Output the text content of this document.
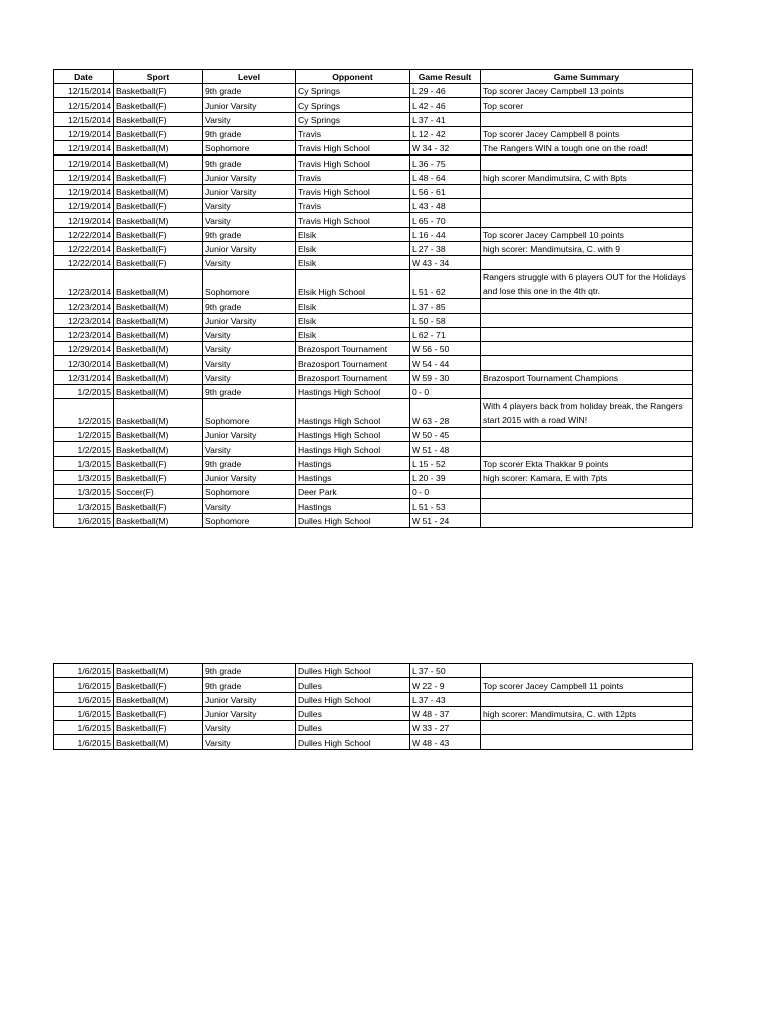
Date	Sport	Level	Opponent	Game Result	Game Summary
12/15/2014	Basketball(F)	9th grade	Cy Springs	L 29 - 46	Top scorer Jacey Campbell 13 points
12/15/2014	Basketball(F)	Junior Varsity	Cy Springs	L 42 - 46	Top scorer
12/15/2014	Basketball(F)	Varsity	Cy Springs	L 37 - 41	
12/19/2014	Basketball(F)	9th grade	Travis	L 12 - 42	Top scorer Jacey Campbell 8 points
12/19/2014	Basketball(M)	Sophomore	Travis High School	W 34 - 32	The Rangers WIN a tough one on the road!
12/19/2014	Basketball(M)	9th grade	Travis High School	L 36 - 75	
12/19/2014	Basketball(F)	Junior Varsity	Travis	L 48 - 64	high scorer Mandimutsira, C with 8pts
12/19/2014	Basketball(M)	Junior Varsity	Travis High School	L 56 - 61	
12/19/2014	Basketball(F)	Varsity	Travis	L 43 - 48	
12/19/2014	Basketball(M)	Varsity	Travis High School	L 65 - 70	
12/22/2014	Basketball(F)	9th grade	Elsik	L 16 - 44	Top scorer Jacey Campbell 10 points
12/22/2014	Basketball(F)	Junior Varsity	Elsik	L 27 - 38	high scorer: Mandimutsira, C. with 9
12/22/2014	Basketball(F)	Varsity	Elsik	W 43 - 34	
12/23/2014	Basketball(M)	Sophomore	Elsik High School	L 51 - 62	Rangers struggle with 6 players OUT for the Holidays and lose this one in the 4th qtr.
12/23/2014	Basketball(M)	9th grade	Elsik	L 37 - 85	
12/23/2014	Basketball(M)	Junior Varsity	Elsik	L 50 - 58	
12/23/2014	Basketball(M)	Varsity	Elsik	L 62 - 71	
12/29/2014	Basketball(M)	Varsity	Brazosport Tournament	W 56 - 50	
12/30/2014	Basketball(M)	Varsity	Brazosport Tournament	W 54 - 44	
12/31/2014	Basketball(M)	Varsity	Brazosport Tournament	W 59 - 30	Brazosport Tournament Champions
1/2/2015	Basketball(M)	9th grade	Hastings High School	0 - 0	
1/2/2015	Basketball(M)	Sophomore	Hastings High School	W 63 - 28	With 4 players back from holiday break, the Rangers start 2015 with a road WIN!
1/2/2015	Basketball(M)	Junior Varsity	Hastings High School	W 50 - 45	
1/2/2015	Basketball(M)	Varsity	Hastings High School	W 51 - 48	
1/3/2015	Basketball(F)	9th grade	Hastings	L 15 - 52	Top scorer Ekta Thakkar 9 points
1/3/2015	Basketball(F)	Junior Varsity	Hastings	L 20 - 39	high scorer: Kamara, E with 7pts
1/3/2015	Soccer(F)	Sophomore	Deer Park	0 - 0	
1/3/2015	Basketball(F)	Varsity	Hastings	L 51 - 53	
1/6/2015	Basketball(M)	Sophomore	Dulles High School	W 51 - 24	
1/6/2015	Basketball(M)	9th grade	Dulles High School	L 37 - 50	
1/6/2015	Basketball(F)	9th grade	Dulles	W 22 - 9	Top scorer Jacey Campbell 11 points
1/6/2015	Basketball(M)	Junior Varsity	Dulles High School	L 37 - 43	
1/6/2015	Basketball(F)	Junior Varsity	Dulles	W 48 - 37	high scorer: Mandimutsira, C. with 12pts
1/6/2015	Basketball(F)	Varsity	Dulles	W 33 - 27	
1/6/2015	Basketball(M)	Varsity	Dulles High School	W 48 - 43	
